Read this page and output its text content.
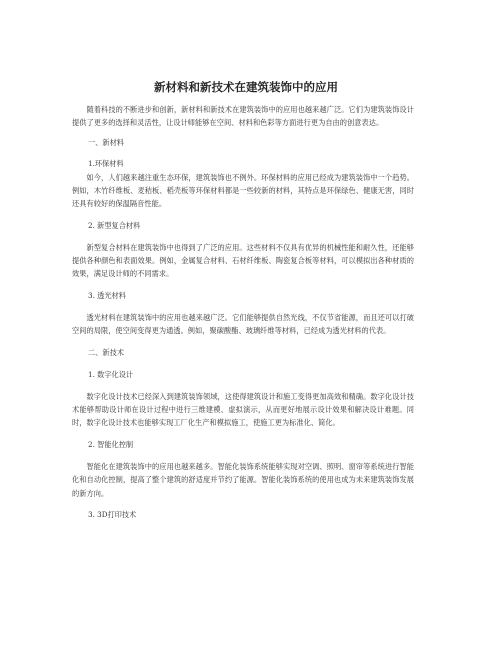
新材料和新技术在建筑装饰中的应用

随着科技的不断进步和创新，新材料和新技术在建筑装饰中的应用也越来越广泛。它们为建筑装饰设计提供了更多的选择和灵活性，让设计师能够在空间、材料和色彩等方面进行更为自由的创意表达。

一、新材料

1.环保材料

如今，人们越来越注重生态环保，建筑装饰也不例外。环保材料的应用已经成为建筑装饰中一个趋势。例如，木竹纤维板、麦秸板、稻壳板等环保材料都是一些较新的材料，其特点是环保绿色、健康无害，同时还具有较好的保温隔音性能。

2. 新型复合材料

新型复合材料在建筑装饰中也得到了广泛的应用。这些材料不仅具有优异的机械性能和耐久性，还能够提供各种颜色和表面效果。例如，金属复合材料、石材纤维板、陶瓷复合板等材料，可以模拟出各种材质的效果，满足设计师的不同需求。

3. 透光材料

透光材料在建筑装饰中的应用也越来越广泛。它们能够提供自然光线，不仅节省能源，而且还可以打破空间的局限，使空间变得更为通透。例如，聚碳酸酯、玻璃纤维等材料，已经成为透光材料的代表。

二、新技术

1. 数字化设计

数字化设计技术已经深入到建筑装饰领域，这使得建筑设计和施工变得更加高效和精确。数字化设计技术能够帮助设计师在设计过程中进行三维建模、虚拟演示，从而更好地展示设计效果和解决设计难题。同时，数字化设计技术也能够实现工厂化生产和模拟施工，使施工更为标准化、简化。

2. 智能化控制

智能化在建筑装饰中的应用也越来越多。智能化装饰系统能够实现对空调、照明、窗帘等系统进行智能化和自动化控制，提高了整个建筑的舒适度并节约了能源。智能化装饰系统的使用也成为未来建筑装饰发展的新方向。

3. 3D打印技术
